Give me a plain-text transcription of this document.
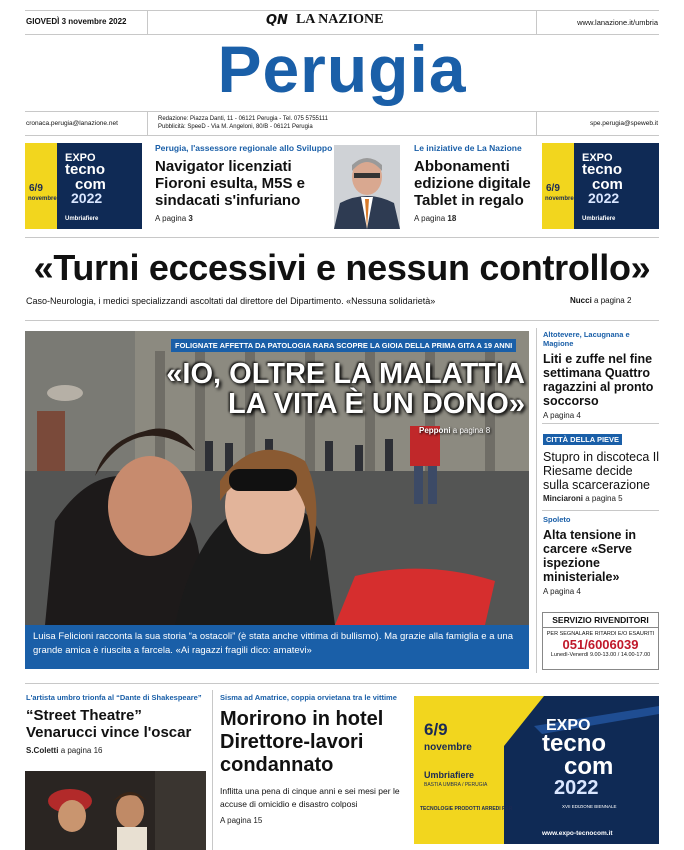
GIOVEDÌ 3 novembre 2022	QN LA NAZIONE	www.lanazione.it/umbria
Perugia
cronaca.perugia@lanazione.net
Redazione: Piazza Danti, 11 - 06121 Perugia - Tel. 075 5755111
Pubblicità: SpeeD - Via M. Angeloni, 80/B - 06121 Perugia	spe.perugia@speweb.it
6/9
novembre
EXPO
tecno
com
2022
Umbriafiere
Perugia, l'assessore regionale allo Sviluppo
Navigator licenziati Fioroni esulta, M5S e sindacati s'infuriano
A pagina 3
Le iniziative de La Nazione
Abbonamenti edizione digitale Tablet in regalo
A pagina 18
6/9
novembre
EXPO
tecno
com
2022
Umbriafiere
«Turni eccessivi e nessun controllo»
Caso-Neurologia, i medici specializzandi ascoltati dal direttore del Dipartimento. «Nessuna solidarietà»	Nucci a pagina 2
FOLIGNATE AFFETTA DA PATOLOGIA RARA SCOPRE LA GIOIA DELLA PRIMA GITA A 19 ANNI
«IO, OLTRE LA MALATTIA
LA VITA È UN DONO»
Pepponi a pagina 8
Luisa Felicioni racconta la sua storia “a ostacoli” (è stata anche vittima di bullismo). Ma grazie alla famiglia e a una grande amica è riuscita a farcela. «Ai ragazzi fragili dico: amatevi»
Altotevere, Lacugnana e Magione
Liti e zuffe nel fine settimana Quattro ragazzini al pronto soccorso
A pagina 4
CITTÀ DELLA PIEVE
Stupro in discoteca Il Riesame decide sulla scarcerazione
Minciaroni a pagina 5
Spoleto
Alta tensione in carcere «Serve ispezione ministeriale»
A pagina 4
SERVIZIO RIVENDITORI
PER SEGNALARE RITARDI E/O ESAURITI
051/6006039
Lunedì-Venerdì 9.00-13.00 / 14.00-17.00
L'artista umbro trionfa al “Dante di Shakespeare”
“Street Theatre” Venarucci vince l'oscar
S.Coletti a pagina 16
Sisma ad Amatrice, coppia orvietana tra le vittime
Morirono in hotel Direttore-lavori condannato
Inflitta una pena di cinque anni e sei mesi per le accuse di omicidio e disastro colposi
A pagina 15
6/9
novembre
Umbriafiere
BASTIA UMBRA / PERUGIA
EXPO
tecno
com
2022
XVII EDIZIONE BIENNALE
TECNOLOGIE PRODOTTI ARREDI PER
www.expo-tecnocom.it
